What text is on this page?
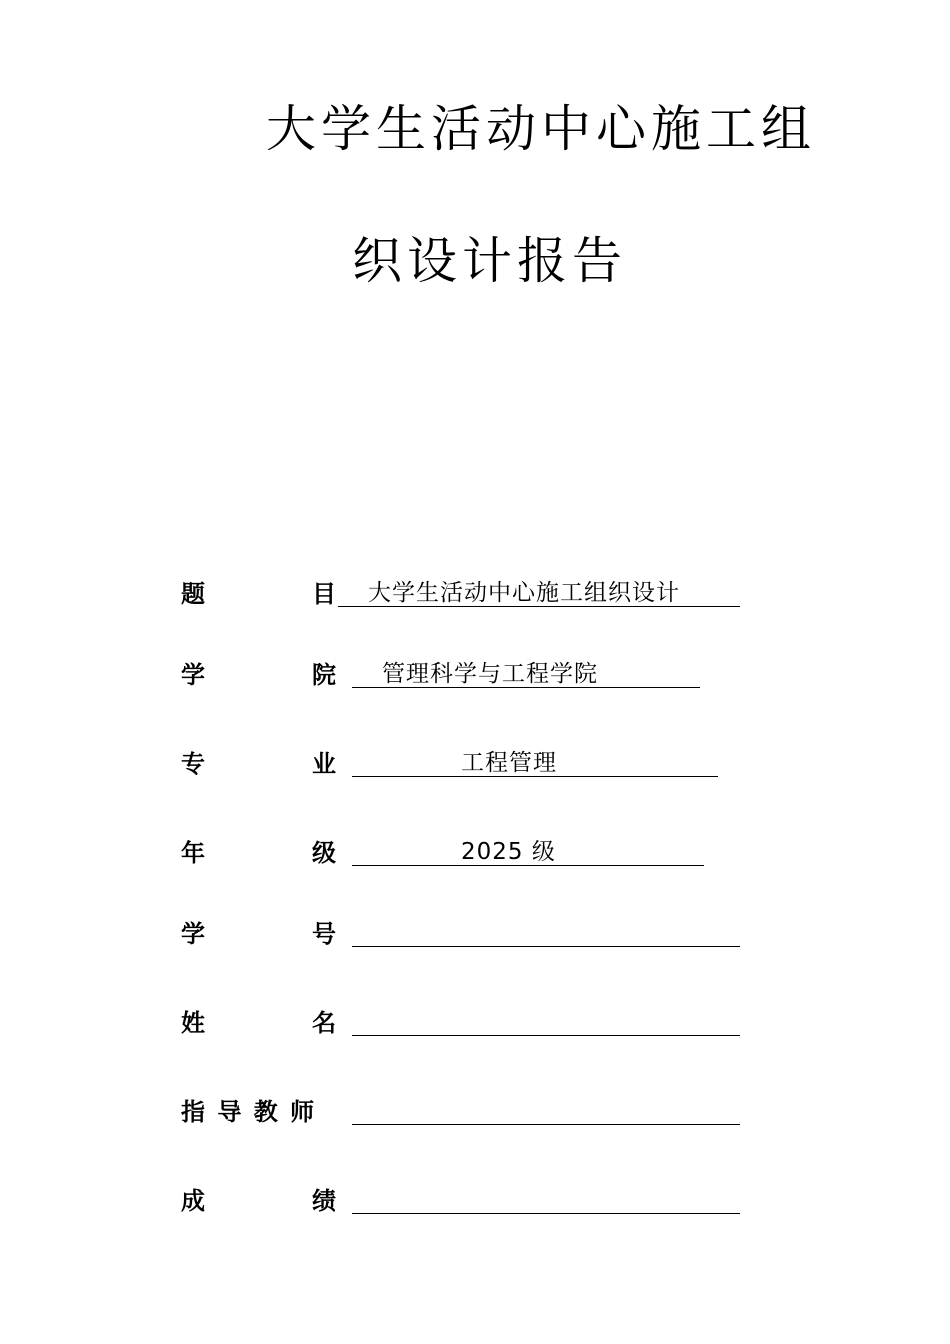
大学生活动中心施工组
织设计报告
题	目 大学生活动中心施工组织设计
学	院 管理科学与工程学院
专	业	工程管理
年	级	2025 级
学	号
姓	名
指 导 教 师
成	绩
